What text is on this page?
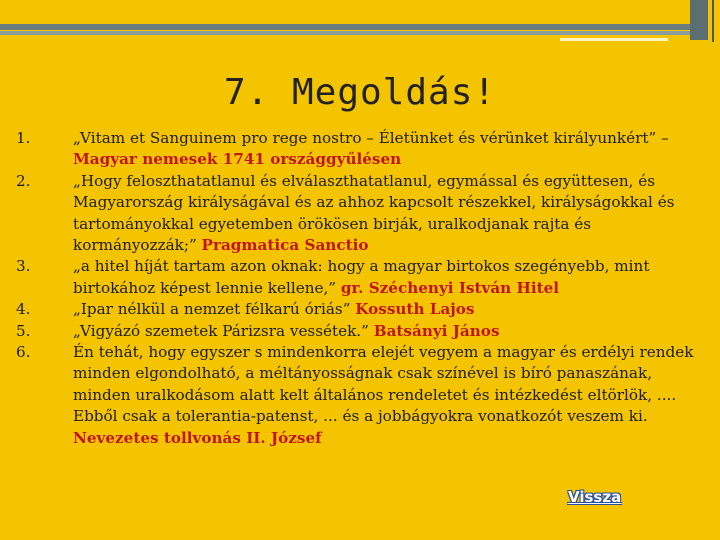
7. Megoldás!
1.	„Vitam et Sanguinem pro rege nostro – Életünket és vérünket királyunkért” – Magyar nemesek 1741 országgyűlésen
2.	„Hogy feloszthatatlanul és elválaszthatatlanul, egymással és együttesen, és Magyarország királyságával és az ahhoz kapcsolt részekkel, királyságokkal és tartományokkal egyetemben örökösen birják, uralkodjanak rajta és kormányozzák;” Pragmatica Sanctio
3.	„a hitel híját tartam azon oknak: hogy a magyar birtokos szegényebb, mint birtokához képest lennie kellene,” gr. Széchenyi István Hitel
4.	„Ipar nélkül a nemzet félkarú óriás” Kossuth Lajos
5.	„Vigyázó szemetek Párizsra vessétek.” Batsányi János
6.	Én tehát, hogy egyszer s mindenkorra elejét vegyem a magyar és erdélyi rendek minden elgondolható, a méltányosságnak csak színével is bíró panaszának, minden uralkodásom alatt kelt általános rendeletet és intézkedést eltörlök, .... Ebből csak a tolerantia-patenst, ... és a jobbágyokra vonatkozót veszem ki. Nevezetes tollvonás II. József
Vissza
